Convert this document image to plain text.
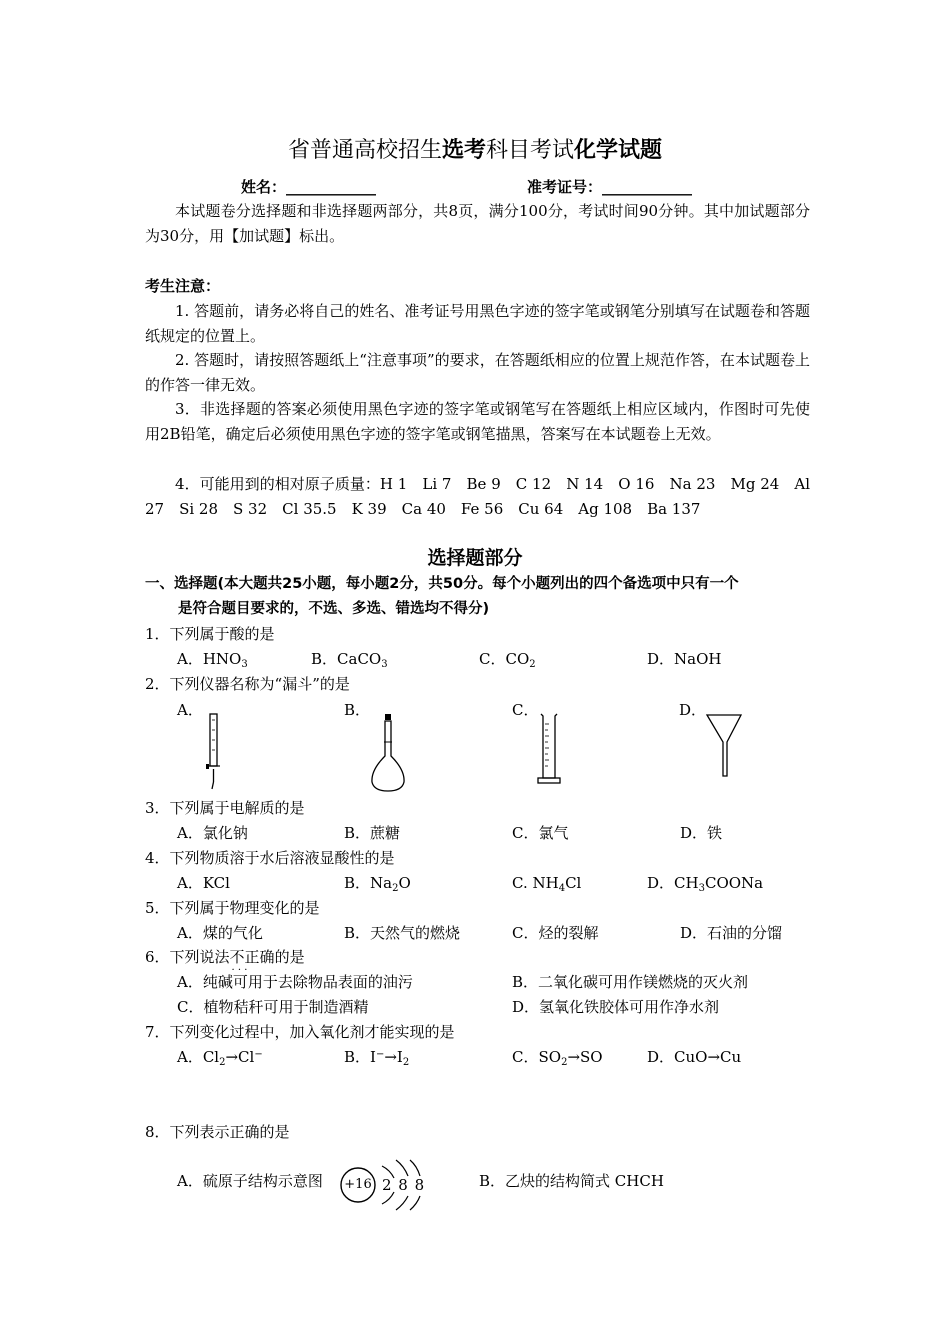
省普通高校招生选考科目考试化学试题
姓名：____________	准考证号：____________
本试题卷分选择题和非选择题两部分，共8页，满分100分，考试时间90分钟。其中加试题部分为30分，用【加试题】标出。
考生注意：
1. 答题前，请务必将自己的姓名、准考证号用黑色字迹的签字笔或钢笔分别填写在试题卷和答题纸规定的位置上。
2. 答题时，请按照答题纸上“注意事项”的要求，在答题纸相应的位置上规范作答，在本试题卷上的作答一律无效。
3．非选择题的答案必须使用黑色字迹的签字笔或钢笔写在答题纸上相应区域内，作图时可先使用2B铅笔，确定后必须使用黑色字迹的签字笔或钢笔描黑，答案写在本试题卷上无效。
4．可能用到的相对原子质量：H 1　Li 7　Be 9　C 12　N 14　O 16　Na 23　Mg 24　Al 27　Si 28　S 32　Cl 35.5　K 39　Ca 40　Fe 56　Cu 64　Ag 108　Ba 137
选择题部分
一、选择题(本大题共25小题，每小题2分，共50分。每个小题列出的四个备选项中只有一个
是符合题目要求的，不选、多选、错选均不得分)
1．下列属于酸的是
A．$HNO_3$	B．CaCO$_3$	C．$CO_2$	D．NaOH
2．下列仪器名称为“漏斗”的是
A．	B．	C．	D．
3．下列属于电解质的是
A．氯化钠	B．蔗糖	C．氯气	D．铁
4．下列物质溶于水后溶液显酸性的是
A．KCl	B．$Na_2O$	C. $NH_4Cl$	D．$CH_3COONa$
5．下列属于物理变化的是
A．煤的气化	B．天然气的燃烧	C．烃的裂解	D．石油的分馏
6．下列说法不正确 · · ·的是
A．纯碱可用于去除物品表面的油污	B．二氧化碳可用作镁燃烧的灭火剂
C．植物秸秆可用于制造酒精	D．氢氧化铁胶体可用作净水剂
7．下列变化过程中，加入氧化剂才能实现的是
A．$Cl_2\to Cl^-$	B．$I^-\to I_2$	C．$SO_2\to SO$	D．CuO→Cu
8．下列表示正确的是
A．硫原子结构示意图 +16 2 8 8	B．乙炔的结构简式 CHCH
